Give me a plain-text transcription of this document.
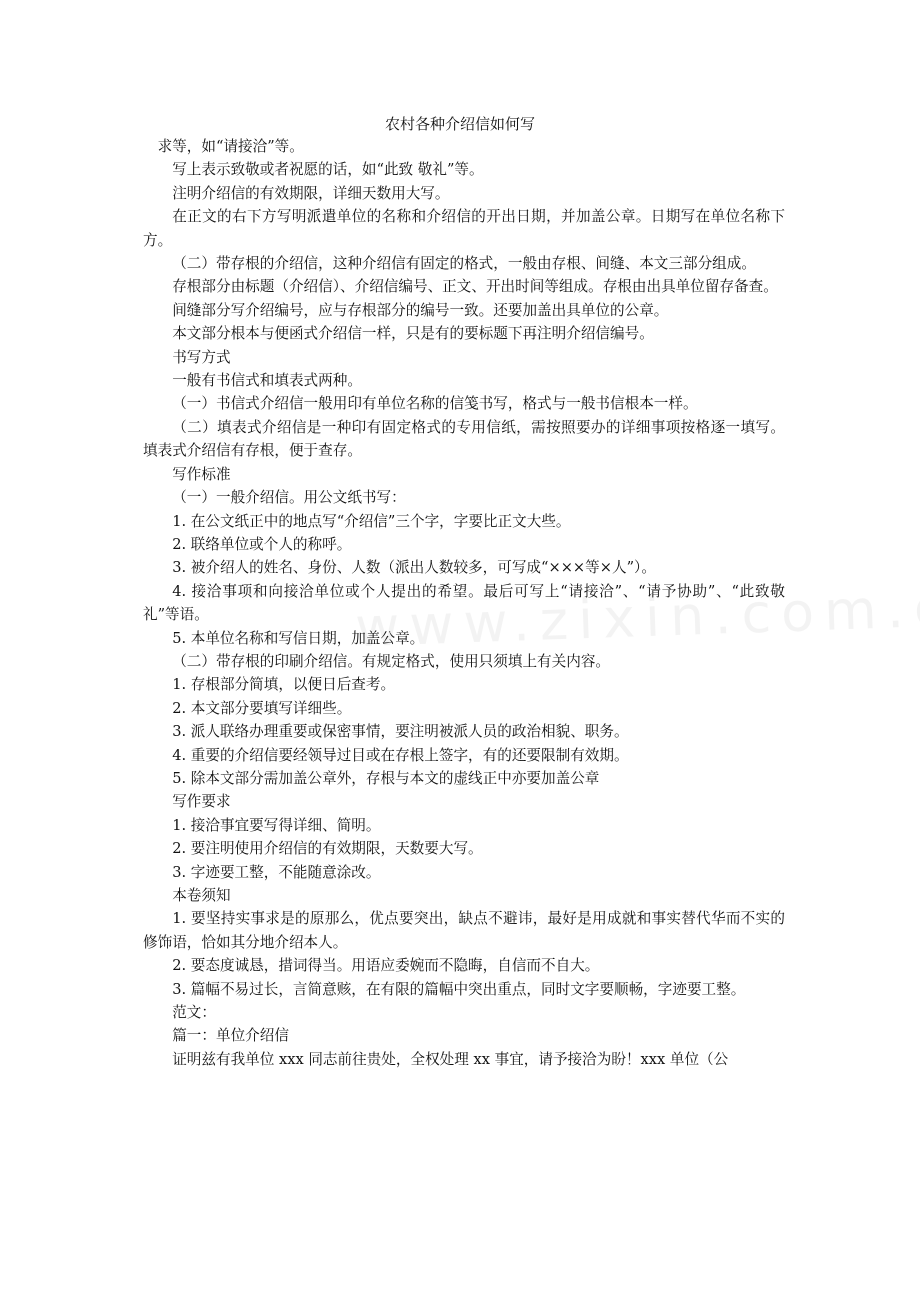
农村各种介绍信如何写

求等，如“请接洽”等。

写上表示致敬或者祝愿的话，如“此致 敬礼”等。

注明介绍信的有效期限，详细天数用大写。

在正文的右下方写明派遣单位的名称和介绍信的开出日期，并加盖公章。日期写在单位名称下方。

（二）带存根的介绍信，这种介绍信有固定的格式，一般由存根、间缝、本文三部分组成。

存根部分由标题（介绍信）、介绍信编号、正文、开出时间等组成。存根由出具单位留存备查。

间缝部分写介绍编号，应与存根部分的编号一致。还要加盖出具单位的公章。

本文部分根本与便函式介绍信一样，只是有的要标题下再注明介绍信编号。

书写方式

一般有书信式和填表式两种。

（一）书信式介绍信一般用印有单位名称的信笺书写，格式与一般书信根本一样。

（二）填表式介绍信是一种印有固定格式的专用信纸，需按照要办的详细事项按格逐一填写。填表式介绍信有存根，便于查存。

写作标准

（一）一般介绍信。用公文纸书写：

1. 在公文纸正中的地点写“介绍信”三个字，字要比正文大些。

2. 联络单位或个人的称呼。

3. 被介绍人的姓名、身份、人数（派出人数较多，可写成“×××等×人”）。

4. 接洽事项和向接洽单位或个人提出的希望。最后可写上“请接洽”、“请予协助”、“此致敬礼”等语。

5. 本单位名称和写信日期，加盖公章。

（二）带存根的印刷介绍信。有规定格式，使用只须填上有关内容。

1. 存根部分简填，以便日后查考。

2. 本文部分要填写详细些。

3. 派人联络办理重要或保密事情，要注明被派人员的政治相貌、职务。

4. 重要的介绍信要经领导过目或在存根上签字，有的还要限制有效期。

5. 除本文部分需加盖公章外，存根与本文的虚线正中亦要加盖公章

写作要求

1. 接洽事宜要写得详细、简明。

2. 要注明使用介绍信的有效期限，天数要大写。

3. 字迹要工整，不能随意涂改。

本卷须知

1. 要坚持实事求是的原那么，优点要突出，缺点不避讳，最好是用成就和事实替代华而不实的修饰语，恰如其分地介绍本人。

2. 要态度诚恳，措词得当。用语应委婉而不隐晦，自信而不自大。

3. 篇幅不易过长，言简意赅，在有限的篇幅中突出重点，同时文字要顺畅，字迹要工整。

范文：

篇一：单位介绍信

证明兹有我单位 xxx 同志前往贵处，全权处理 xx 事宜，请予接洽为盼！xxx 单位（公
